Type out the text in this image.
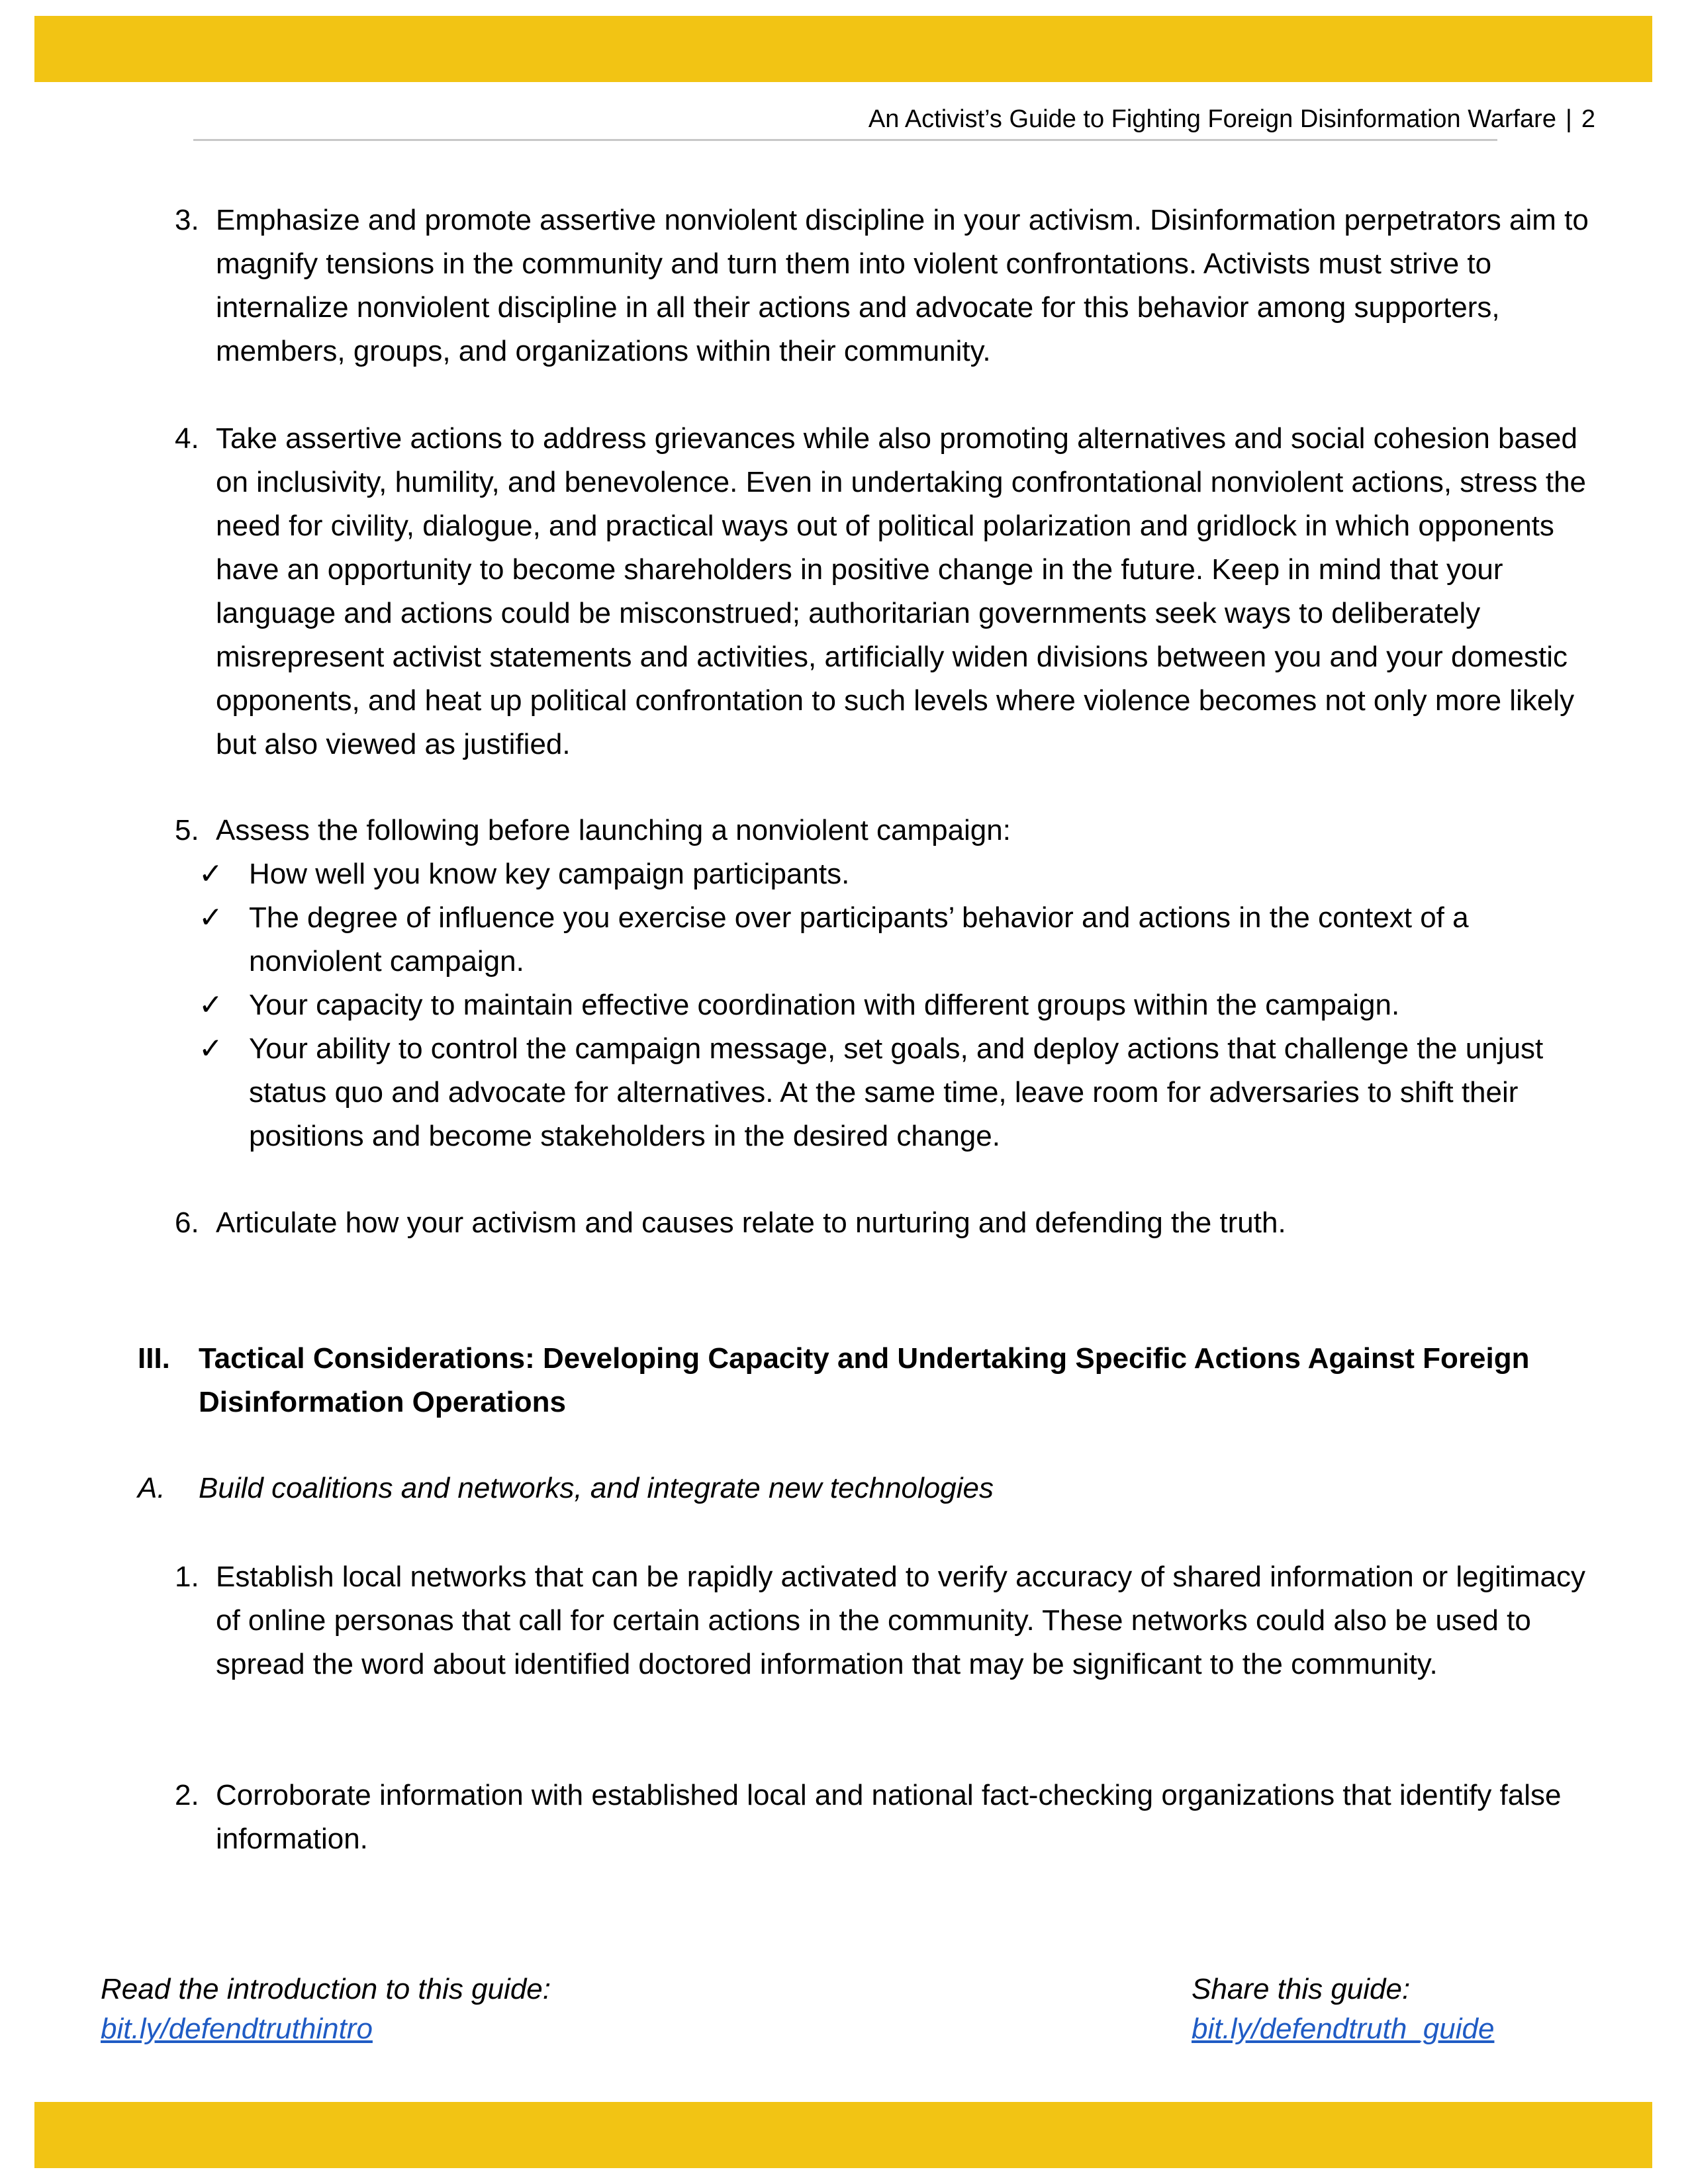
An Activist’s Guide to Fighting Foreign Disinformation Warfare | 2
3. Emphasize and promote assertive nonviolent discipline in your activism. Disinformation perpetrators aim to magnify tensions in the community and turn them into violent confrontations. Activists must strive to internalize nonviolent discipline in all their actions and advocate for this behavior among supporters, members, groups, and organizations within their community.
4. Take assertive actions to address grievances while also promoting alternatives and social cohesion based on inclusivity, humility, and benevolence. Even in undertaking confrontational nonviolent actions, stress the need for civility, dialogue, and practical ways out of political polarization and gridlock in which opponents have an opportunity to become shareholders in positive change in the future. Keep in mind that your language and actions could be misconstrued; authoritarian governments seek ways to deliberately misrepresent activist statements and activities, artificially widen divisions between you and your domestic opponents, and heat up political confrontation to such levels where violence becomes not only more likely but also viewed as justified.
5. Assess the following before launching a nonviolent campaign:
✓ How well you know key campaign participants.
✓ The degree of influence you exercise over participants’ behavior and actions in the context of a nonviolent campaign.
✓ Your capacity to maintain effective coordination with different groups within the campaign.
✓ Your ability to control the campaign message, set goals, and deploy actions that challenge the unjust status quo and advocate for alternatives. At the same time, leave room for adversaries to shift their positions and become stakeholders in the desired change.
6. Articulate how your activism and causes relate to nurturing and defending the truth.
III. Tactical Considerations: Developing Capacity and Undertaking Specific Actions Against Foreign Disinformation Operations
A. Build coalitions and networks, and integrate new technologies
1. Establish local networks that can be rapidly activated to verify accuracy of shared information or legitimacy of online personas that call for certain actions in the community. These networks could also be used to spread the word about identified doctored information that may be significant to the community.
2. Corroborate information with established local and national fact-checking organizations that identify false information.
Read the introduction to this guide:
bit.ly/defendtruthintro
Share this guide:
bit.ly/defendtruth_guide
